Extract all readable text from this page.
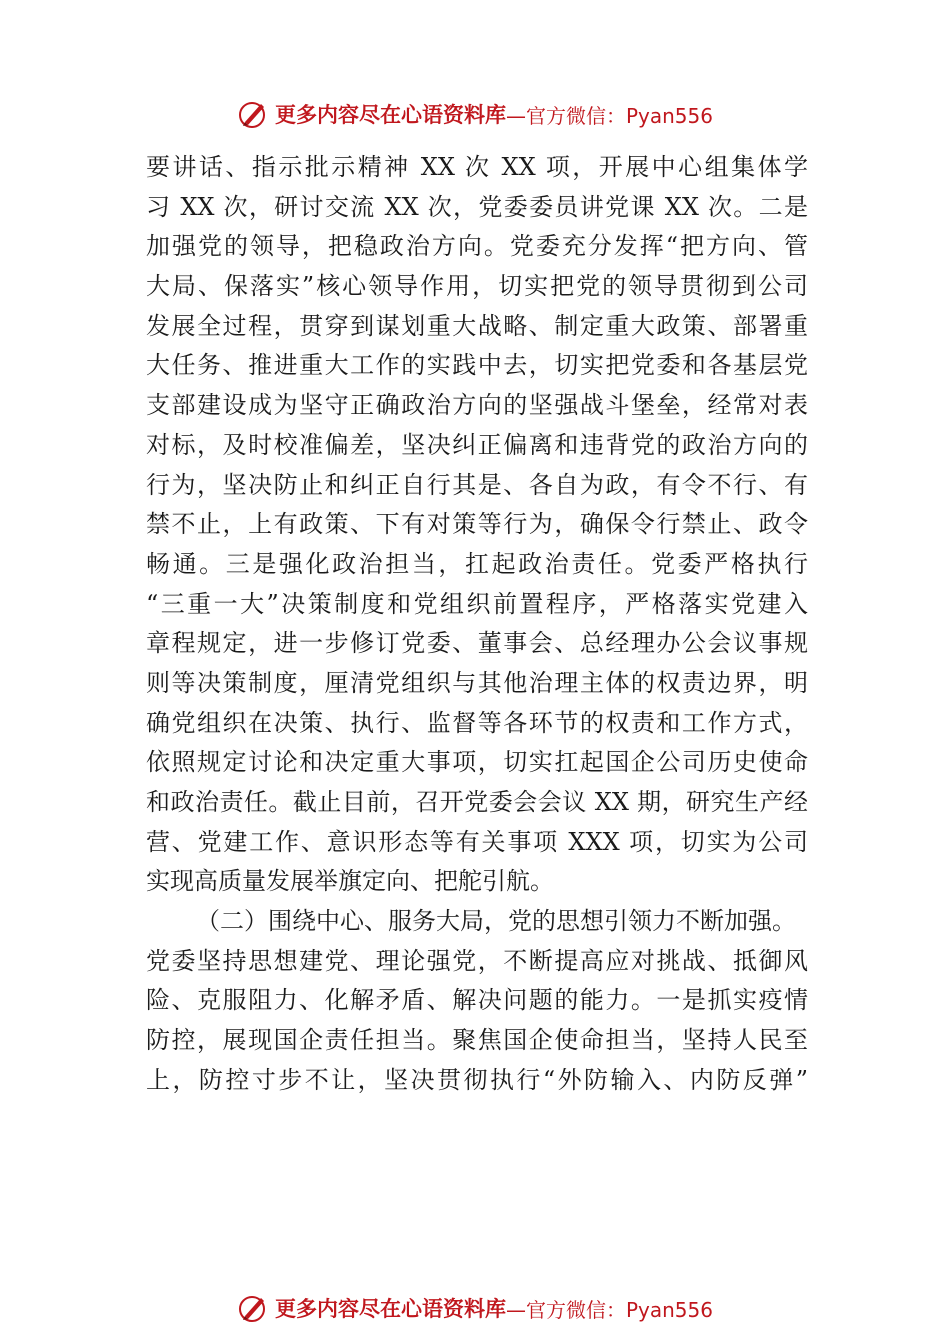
更多内容尽在心语资料库 —官方微信：Pyan556
要讲话、指示批示精神 XX 次 XX 项，开展中心组集体学
习 XX 次，研讨交流 XX 次，党委委员讲党课 XX 次。二是
加强党的领导，把稳政治方向。党委充分发挥“把方向、管
大局、保落实”核心领导作用，切实把党的领导贯彻到公司
发展全过程，贯穿到谋划重大战略、制定重大政策、部署重
大任务、推进重大工作的实践中去，切实把党委和各基层党
支部建设成为坚守正确政治方向的坚强战斗堡垒，经常对表
对标，及时校准偏差，坚决纠正偏离和违背党的政治方向的
行为，坚决防止和纠正自行其是、各自为政，有令不行、有
禁不止，上有政策、下有对策等行为，确保令行禁止、政令
畅通。三是强化政治担当，扛起政治责任。党委严格执行
“三重一大”决策制度和党组织前置程序，严格落实党建入
章程规定，进一步修订党委、董事会、总经理办公会议事规
则等决策制度，厘清党组织与其他治理主体的权责边界，明
确党组织在决策、执行、监督等各环节的权责和工作方式，
依照规定讨论和决定重大事项，切实扛起国企公司历史使命
和政治责任。截止目前，召开党委会会议 XX 期，研究生产经
营、党建工作、意识形态等有关事项 XXX 项，切实为公司
实现高质量发展举旗定向、把舵引航。
（二）围绕中心、服务大局，党的思想引领力不断加强。
党委坚持思想建党、理论强党，不断提高应对挑战、抵御风
险、克服阻力、化解矛盾、解决问题的能力。一是抓实疫情
防控，展现国企责任担当。聚焦国企使命担当，坚持人民至
上，防控寸步不让，坚决贯彻执行“外防输入、内防反弹”
更多内容尽在心语资料库 —官方微信：Pyan556
